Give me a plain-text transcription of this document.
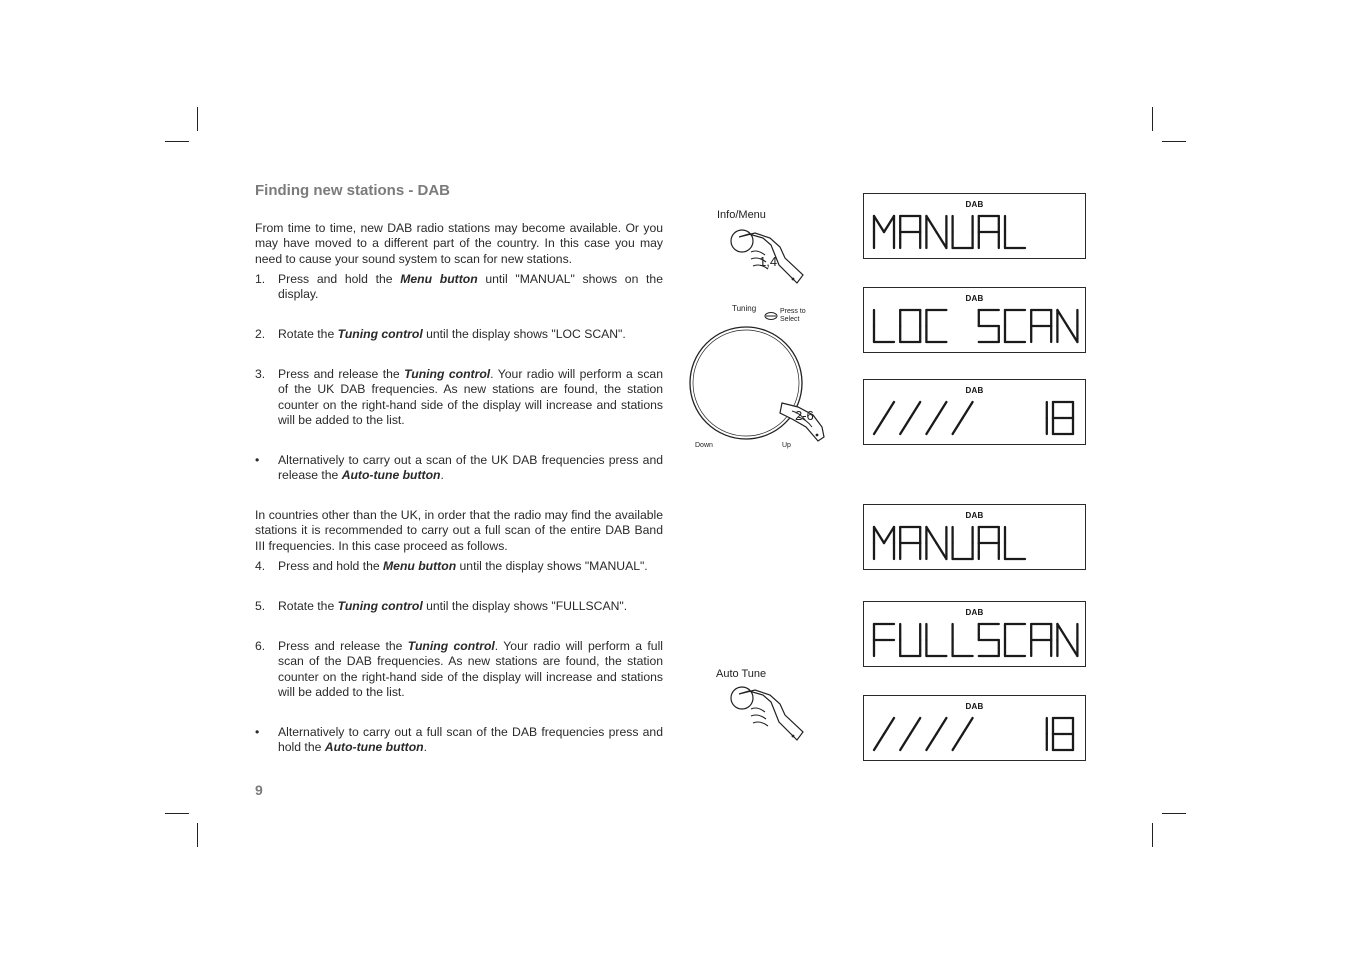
Finding new stations - DAB
From time to time, new DAB radio stations may become available. Or you may have moved to a different part of the country. In this case you may need to cause your sound system to scan for new stations.
1.	Press and hold the Menu button until "MANUAL" shows on the display.
2.	Rotate the Tuning control until the display shows "LOC SCAN".
3.	Press and release the Tuning control. Your radio will perform a scan of the UK DAB frequencies. As new stations are found, the station counter on the right-hand side of the display will increase and stations will be added to the list.
•	Alternatively to carry out a scan of the UK DAB frequencies press and release the Auto-tune button.
In countries other than the UK, in order that the radio may find the available stations it is recommended to carry out a full scan of the entire DAB Band III frequencies. In this case proceed as follows.
4.	Press and hold the Menu button until the display shows "MANUAL".
5.	Rotate the Tuning control until the display shows "FULLSCAN".
6.	Press and release the Tuning control. Your radio will perform a full scan of the DAB frequencies. As new stations are found, the station counter on the right-hand side of the display will increase and stations will be added to the list.
•	Alternatively to carry out a full scan of the DAB frequencies press and hold the Auto-tune button.
9
Info/Menu
1,4
Tuning	Press to
Select
2-6
Down	Up
Auto Tune
DAB
DAB
DAB
DAB
DAB
DAB
